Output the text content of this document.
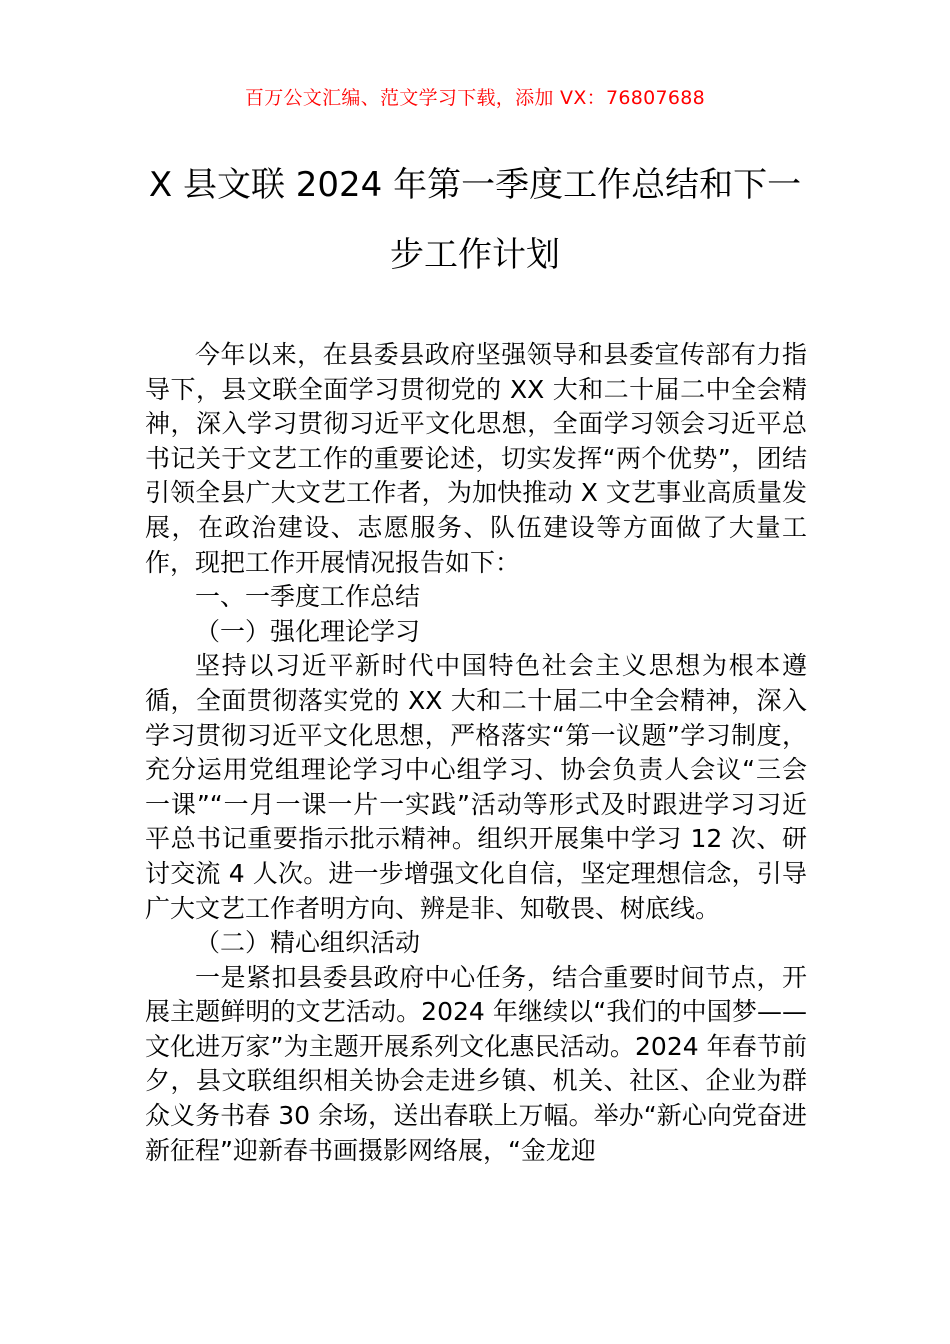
百万公文汇编、范文学习下载，添加 VX：76807688
X 县文联 2024 年第一季度工作总结和下一
步工作计划

今年以来，在县委县政府坚强领导和县委宣传部有力指导下，县文联全面学习贯彻党的 XX 大和二十届二中全会精神，深入学习贯彻习近平文化思想，全面学习领会习近平总书记关于文艺工作的重要论述，切实发挥“两个优势”，团结引领全县广大文艺工作者，为加快推动 X 文艺事业高质量发展，在政治建设、志愿服务、队伍建设等方面做了大量工作，现把工作开展情况报告如下：

一、一季度工作总结

（一）强化理论学习

坚持以习近平新时代中国特色社会主义思想为根本遵循，全面贯彻落实党的 XX 大和二十届二中全会精神，深入学习贯彻习近平文化思想，严格落实“第一议题”学习制度，充分运用党组理论学习中心组学习、协会负责人会议“三会一课”“一月一课一片一实践”活动等形式及时跟进学习习近平总书记重要指示批示精神。组织开展集中学习 12 次、研讨交流 4 人次。进一步增强文化自信，坚定理想信念，引导广大文艺工作者明方向、辨是非、知敬畏、树底线。

（二）精心组织活动

一是紧扣县委县政府中心任务，结合重要时间节点，开展主题鲜明的文艺活动。2024 年继续以“我们的中国梦——文化进万家”为主题开展系列文化惠民活动。2024 年春节前夕，县文联组织相关协会走进乡镇、机关、社区、企业为群众义务书春 30 余场，送出春联上万幅。举办“新心向党奋进新征程”迎新春书画摄影网络展，“金龙迎
